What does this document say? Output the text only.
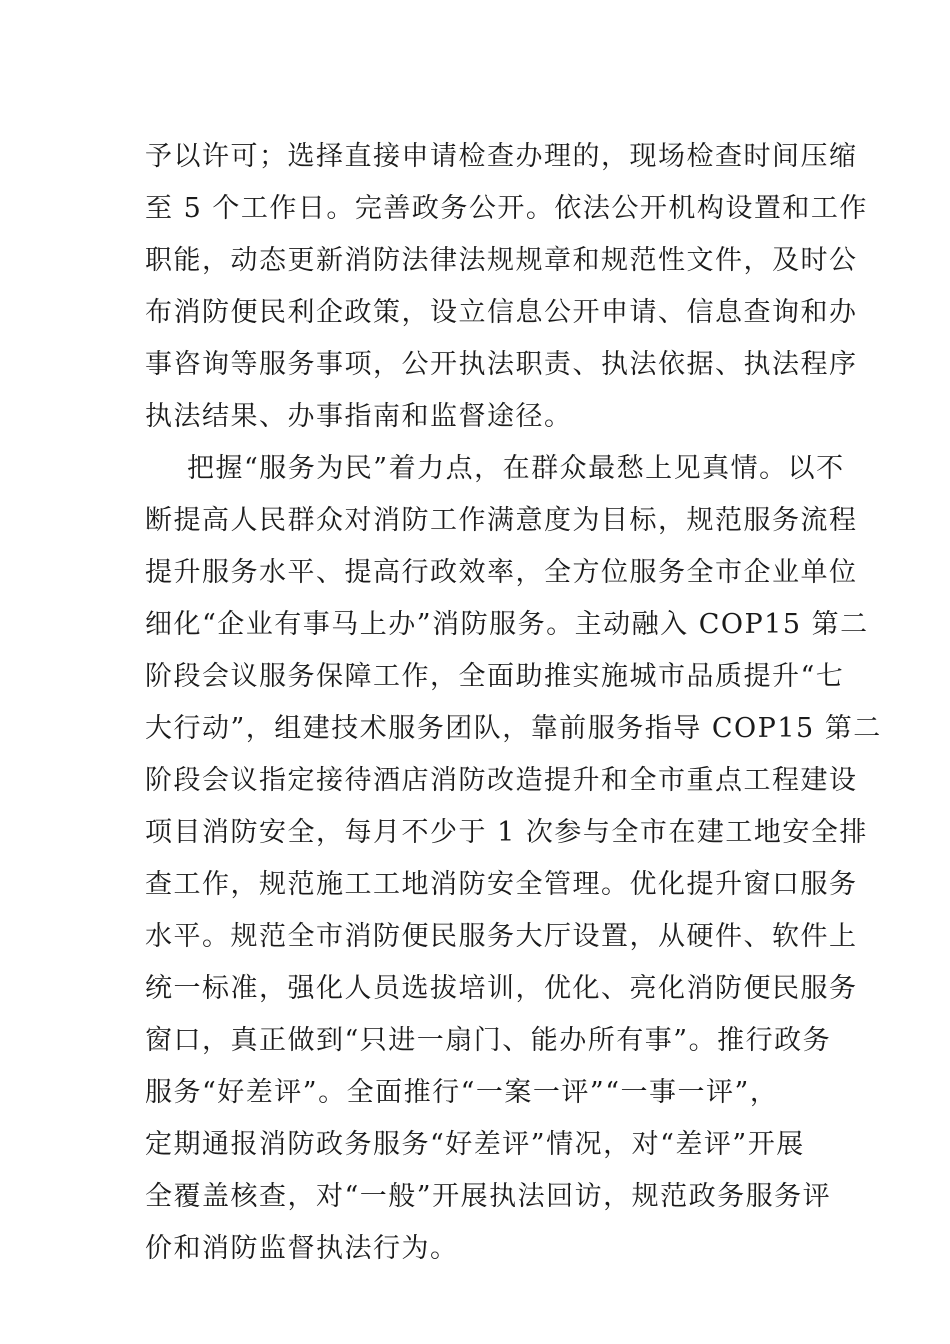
予以许可；选择直接申请检查办理的，现场检查时间压缩
至 5 个工作日。完善政务公开。依法公开机构设置和工作
职能，动态更新消防法律法规规章和规范性文件，及时公
布消防便民利企政策，设立信息公开申请、信息查询和办
事咨询等服务事项，公开执法职责、执法依据、执法程序
执法结果、办事指南和监督途径。
把握“服务为民”着力点，在群众最愁上见真情。以不
断提高人民群众对消防工作满意度为目标，规范服务流程
提升服务水平、提高行政效率，全方位服务全市企业单位
细化“企业有事马上办”消防服务。主动融入 COP15 第二
阶段会议服务保障工作，全面助推实施城市品质提升“七
大行动”，组建技术服务团队，靠前服务指导 COP15 第二
阶段会议指定接待酒店消防改造提升和全市重点工程建设
项目消防安全，每月不少于 1 次参与全市在建工地安全排
查工作，规范施工工地消防安全管理。优化提升窗口服务
水平。规范全市消防便民服务大厅设置，从硬件、软件上
统一标准，强化人员选拔培训，优化、亮化消防便民服务
窗口，真正做到“只进一扇门、能办所有事”。推行政务
服务“好差评”。全面推行“一案一评”“一事一评”，
定期通报消防政务服务“好差评”情况，对“差评”开展
全覆盖核查，对“一般”开展执法回访，规范政务服务评
价和消防监督执法行为。
